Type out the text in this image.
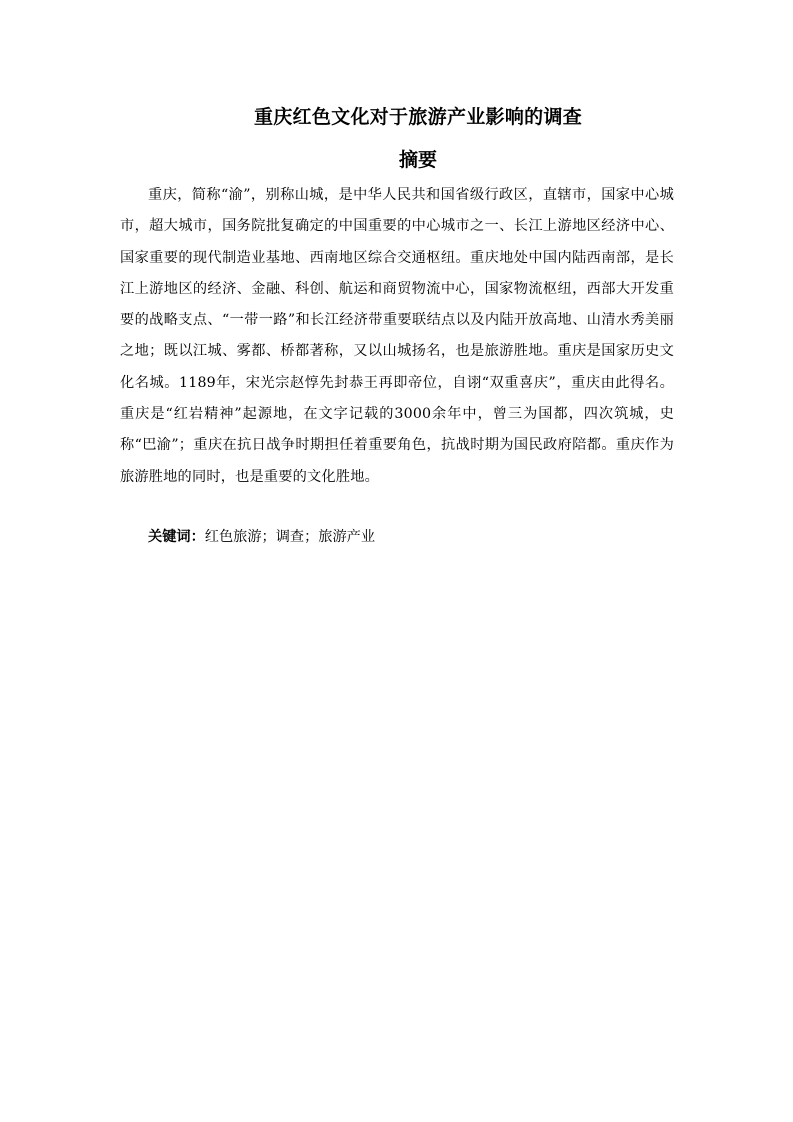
重庆红色文化对于旅游产业影响的调查
摘要

重庆，简称“渝”，别称山城，是中华人民共和国省级行政区，直辖市，国家中心城市，超大城市，国务院批复确定的中国重要的中心城市之一、长江上游地区经济中心、国家重要的现代制造业基地、西南地区综合交通枢纽。重庆地处中国内陆西南部，是长江上游地区的经济、金融、科创、航运和商贸物流中心，国家物流枢纽，西部大开发重要的战略支点、“一带一路”和长江经济带重要联结点以及内陆开放高地、山清水秀美丽之地；既以江城、雾都、桥都著称，又以山城扬名，也是旅游胜地。重庆是国家历史文化名城。1189年，宋光宗赵惇先封恭王再即帝位，自诩“双重喜庆”，重庆由此得名。重庆是“红岩精神”起源地，在文字记载的3000余年中，曾三为国都，四次筑城，史称“巴渝”；重庆在抗日战争时期担任着重要角色，抗战时期为国民政府陪都。重庆作为旅游胜地的同时，也是重要的文化胜地。

关键词：红色旅游；调查；旅游产业
